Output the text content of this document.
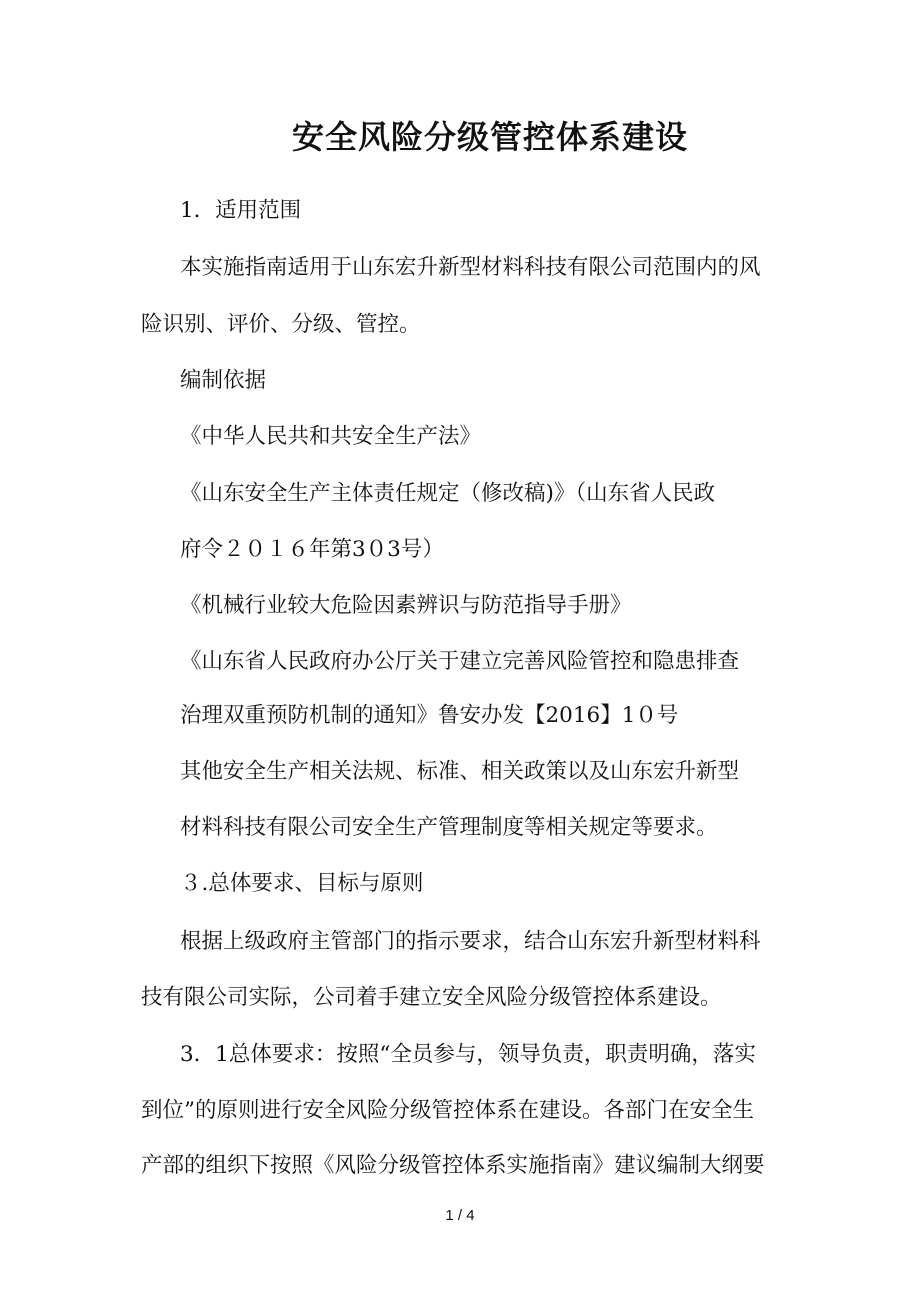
安全风险分级管控体系建设
1．适用范围
本实施指南适用于山东宏升新型材料科技有限公司范围内的风
险识别、评价、分级、管控。
编制依据
《中华人民共和共安全生产法》
《山东安全生产主体责任规定（修改稿)》（山东省人民政
府令２０１６年第3０3号）
《机械行业较大危险因素辨识与防范指导手册》
《山东省人民政府办公厅关于建立完善风险管控和隐患排查
治理双重预防机制的通知》鲁安办发【2016】1０号
其他安全生产相关法规、标准、相关政策以及山东宏升新型
材料科技有限公司安全生产管理制度等相关规定等要求。
３.总体要求、目标与原则
根据上级政府主管部门的指示要求，结合山东宏升新型材料科
技有限公司实际，公司着手建立安全风险分级管控体系建设。
3．1总体要求：按照“全员参与，领导负责，职责明确，落实
到位”的原则进行安全风险分级管控体系在建设。各部门在安全生
产部的组织下按照《风险分级管控体系实施指南》建议编制大纲要
1 / 4
